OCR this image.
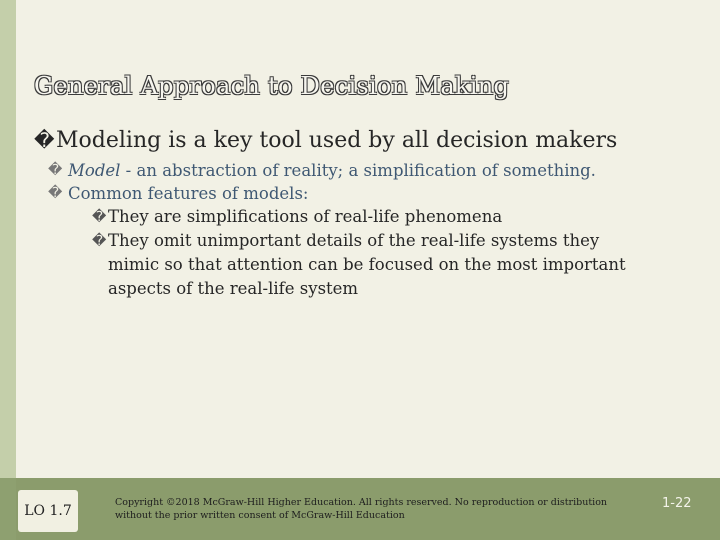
General Approach to Decision Making
� Modeling is a key tool used by all decision makers
� Model - an abstraction of reality; a simplification of something.
� Common features of models:
� They are simplifications of real-life phenomena
� They omit unimportant details of the real-life systems they mimic so that attention can be focused on the most important aspects of the real-life system
LO 1.7
Copyright ©2018 McGraw-Hill Higher Education. All rights reserved. No reproduction or distribution without the prior written consent of McGraw-Hill Education
1-22
